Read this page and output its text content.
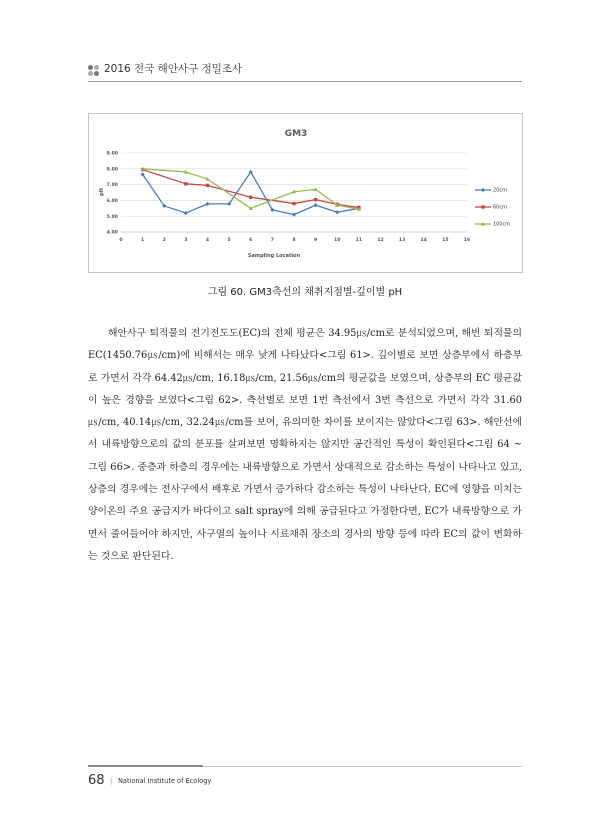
2016 전국 해안사구 정밀조사
GM3
4.00
5.00
6.00
7.00
8.00
9.00
0	1	2	3	4	5	6	7	8	9	10	11	12	13	14	15	16
20cm
60cm
100cm
Sampling Location
pH
그림 60. GM3측선의 채취지점별-깊이별 pH

해안사구 퇴적물의 전기전도도(EC)의 전체 평균은 34.95㎲/cm로 분석되었으며, 해빈 퇴적물의 EC(1450.76㎲/cm)에 비해서는 매우 낮게 나타났다<그림 61>. 깊이별로 보면 상층부에서 하층부로 가면서 각각 64.42㎲/cm, 16.18㎲/cm, 21.56㎲/cm의 평균값을 보였으며, 상층부의 EC 평균값이 높은 경향을 보였다<그림 62>. 측선별로 보면 1번 측선에서 3번 측선으로 가면서 각각 31.60㎲/cm, 40.14㎲/cm, 32.24㎲/cm를 보여, 유의미한 차이를 보이지는 않았다<그림 63>. 해안선에서 내륙방향으로의 값의 분포를 살펴보면 명확하지는 않지만 공간적인 특성이 확인된다<그림 64 ~ 그림 66>. 중층과 하층의 경우에는 내륙방향으로 가면서 상대적으로 감소하는 특성이 나타나고 있고, 상층의 경우에는 전사구에서 배후로 가면서 증가하다 감소하는 특성이 나타난다. EC에 영향을 미치는 양이온의 주요 공급지가 바다이고 salt spray에 의해 공급된다고 가정한다면, EC가 내륙방향으로 가면서 줄어들어야 하지만, 사구열의 높이나 시료채취 장소의 경사의 방향 등에 따라 EC의 값이 변화하는 것으로 판단된다.

68 | National Institute of Ecology
